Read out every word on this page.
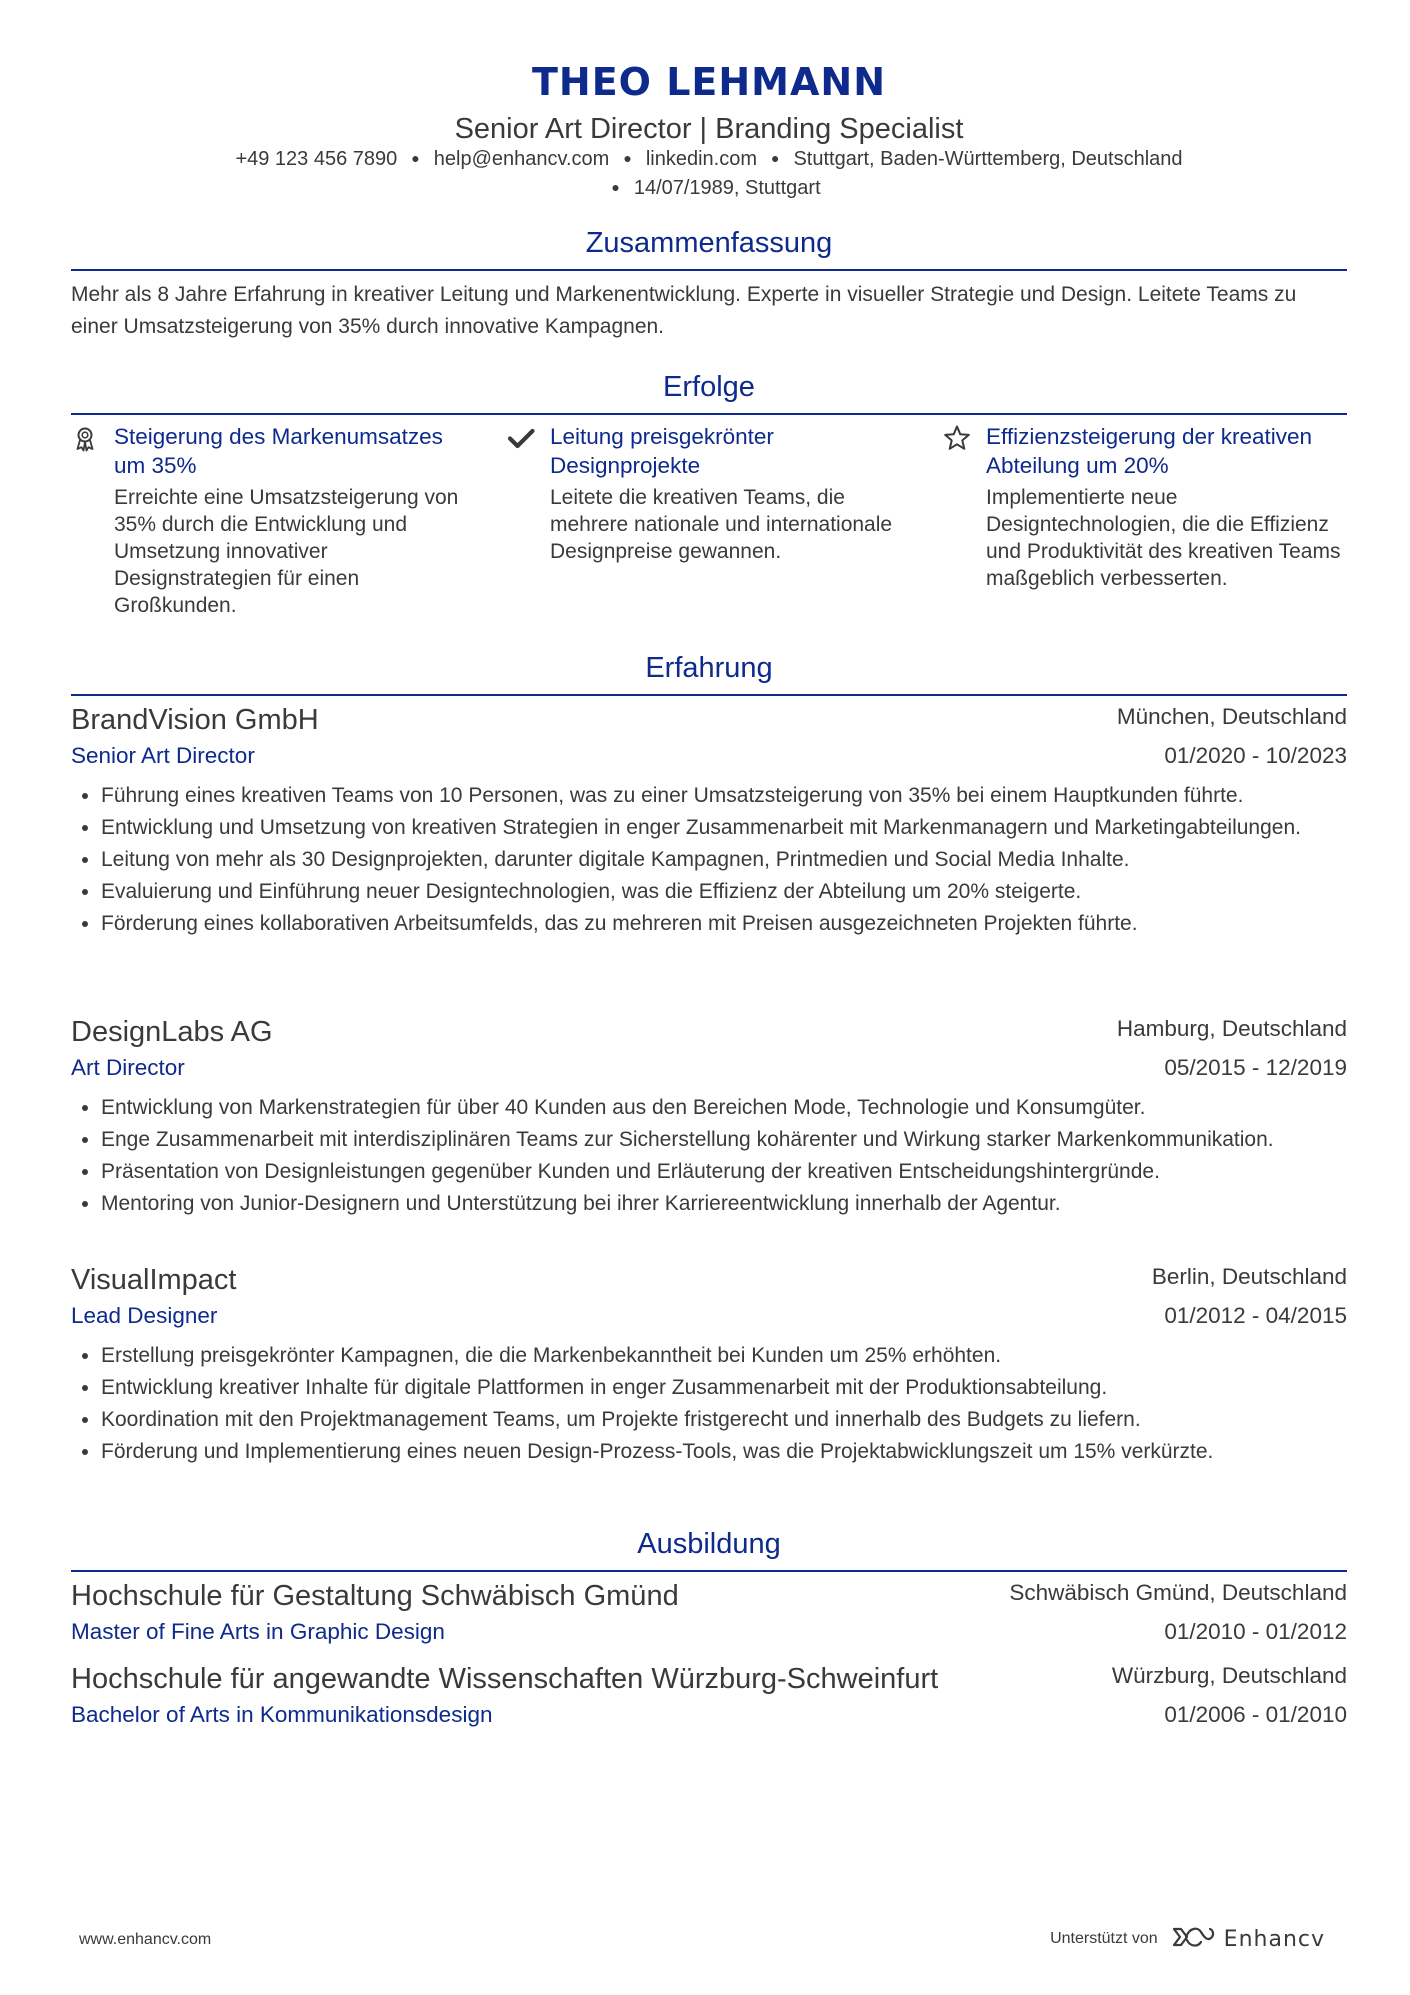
THEO LEHMANN
Senior Art Director | Branding Specialist
+49 123 456 7890 ● help@enhancv.com ● linkedin.com ● Stuttgart, Baden-Württemberg, Deutschland
● 14/07/1989, Stuttgart
Zusammenfassung
Mehr als 8 Jahre Erfahrung in kreativer Leitung und Markenentwicklung. Experte in visueller Strategie und Design. Leitete Teams zu einer Umsatzsteigerung von 35% durch innovative Kampagnen.
Erfolge
Steigerung des Markenumsatzes um 35%
Erreichte eine Umsatzsteigerung von 35% durch die Entwicklung und Umsetzung innovativer Designstrategien für einen Großkunden.
Leitung preisgekrönter Designprojekte
Leitete die kreativen Teams, die mehrere nationale und internationale Designpreise gewannen.
Effizienzsteigerung der kreativen Abteilung um 20%
Implementierte neue Designtechnologien, die die Effizienz und Produktivität des kreativen Teams maßgeblich verbesserten.
Erfahrung
BrandVision GmbH	München, Deutschland
Senior Art Director	01/2020 - 10/2023
Führung eines kreativen Teams von 10 Personen, was zu einer Umsatzsteigerung von 35% bei einem Hauptkunden führte.
Entwicklung und Umsetzung von kreativen Strategien in enger Zusammenarbeit mit Markenmanagern und Marketingabteilungen.
Leitung von mehr als 30 Designprojekten, darunter digitale Kampagnen, Printmedien und Social Media Inhalte.
Evaluierung und Einführung neuer Designtechnologien, was die Effizienz der Abteilung um 20% steigerte.
Förderung eines kollaborativen Arbeitsumfelds, das zu mehreren mit Preisen ausgezeichneten Projekten führte.
DesignLabs AG	Hamburg, Deutschland
Art Director	05/2015 - 12/2019
Entwicklung von Markenstrategien für über 40 Kunden aus den Bereichen Mode, Technologie und Konsumgüter.
Enge Zusammenarbeit mit interdisziplinären Teams zur Sicherstellung kohärenter und Wirkung starker Markenkommunikation.
Präsentation von Designleistungen gegenüber Kunden und Erläuterung der kreativen Entscheidungshintergründe.
Mentoring von Junior-Designern und Unterstützung bei ihrer Karriereentwicklung innerhalb der Agentur.
VisualImpact	Berlin, Deutschland
Lead Designer	01/2012 - 04/2015
Erstellung preisgekrönter Kampagnen, die die Markenbekanntheit bei Kunden um 25% erhöhten.
Entwicklung kreativer Inhalte für digitale Plattformen in enger Zusammenarbeit mit der Produktionsabteilung.
Koordination mit den Projektmanagement Teams, um Projekte fristgerecht und innerhalb des Budgets zu liefern.
Förderung und Implementierung eines neuen Design-Prozess-Tools, was die Projektabwicklungszeit um 15% verkürzte.
Ausbildung
Hochschule für Gestaltung Schwäbisch Gmünd	Schwäbisch Gmünd, Deutschland
Master of Fine Arts in Graphic Design	01/2010 - 01/2012
Hochschule für angewandte Wissenschaften Würzburg-Schweinfurt	Würzburg, Deutschland
Bachelor of Arts in Kommunikationsdesign	01/2006 - 01/2010
www.enhancv.com	Unterstützt von	Enhancv
